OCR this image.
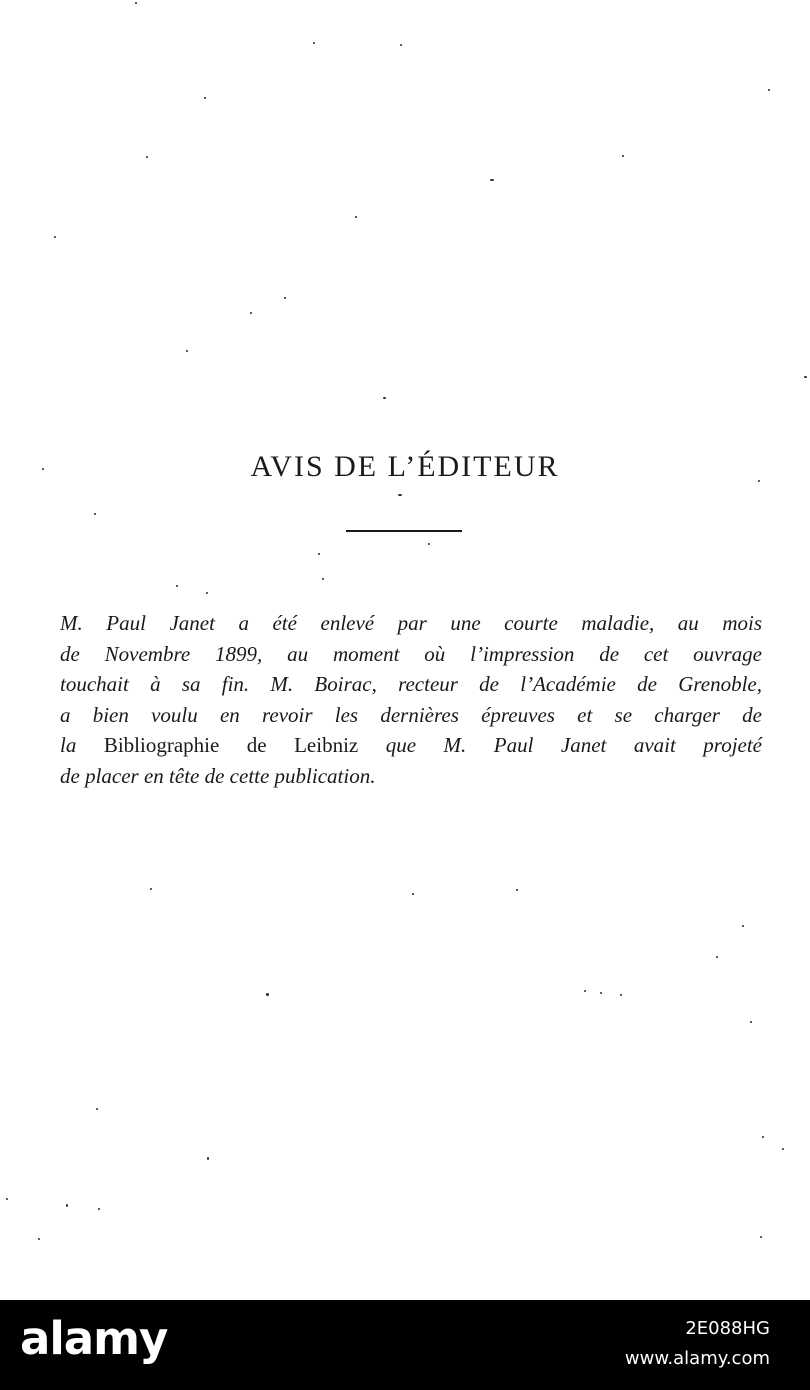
AVIS DE L’ÉDITEUR

M. Paul Janet a été enlevé par une courte maladie, au mois
de Novembre 1899, au moment où l’impression de cet ouvrage
touchait à sa fin. M. Boirac, recteur de l’Académie de Grenoble,
a bien voulu en revoir les dernières épreuves et se charger de
la Bibliographie de Leibniz que M. Paul Janet avait projeté
de placer en tête de cette publication.

alamy	2E088HG
www.alamy.com
